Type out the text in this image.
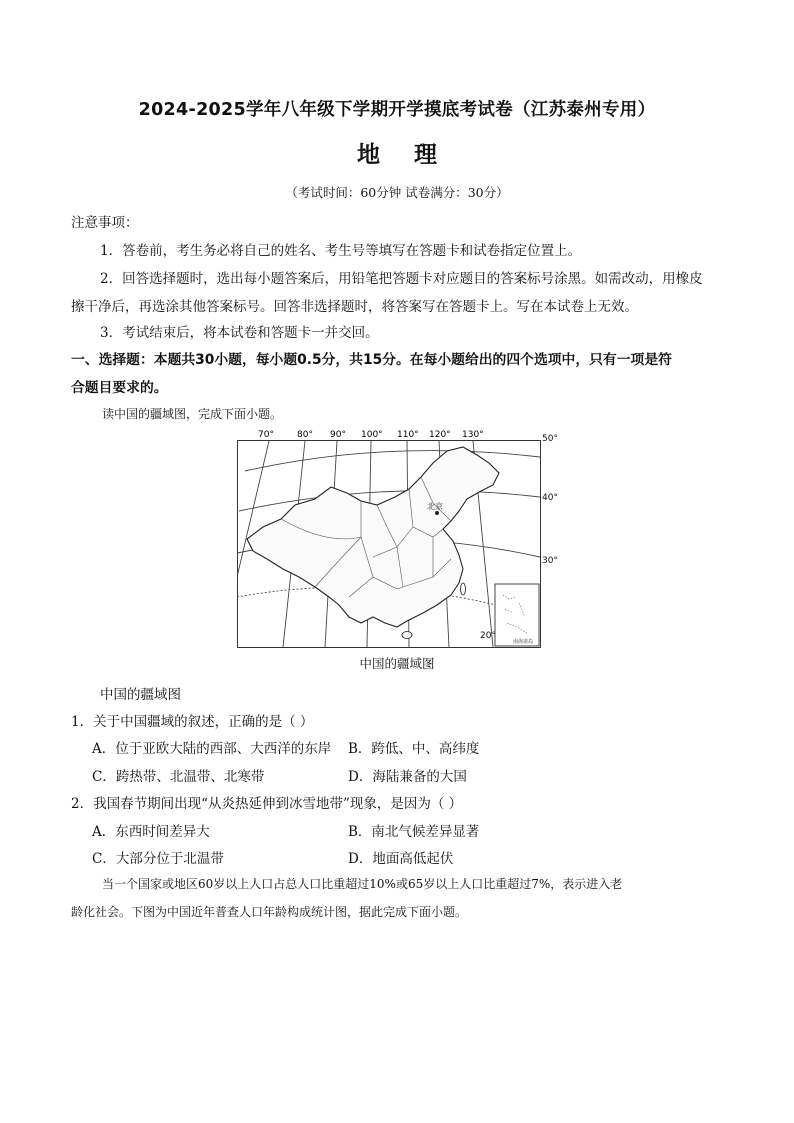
2024-2025学年八年级下学期开学摸底考试卷（江苏泰州专用）
地 理
（考试时间：60分钟 试卷满分：30分）
注意事项：
1．答卷前，考生务必将自己的姓名、考生号等填写在答题卡和试卷指定位置上。
2．回答选择题时，选出每小题答案后，用铅笔把答题卡对应题目的答案标号涂黑。如需改动，用橡皮
擦干净后，再选涂其他答案标号。回答非选择题时，将答案写在答题卡上。写在本试卷上无效。
3．考试结束后，将本试卷和答题卡一并交回。
一、选择题：本题共30小题，每小题0.5分，共15分。在每小题给出的四个选项中，只有一项是符
合题目要求的。
读中国的疆域图，完成下面小题。
北京
南海诸岛
70°	80° 90° 100° 110° 120° 130°	50°
40°
30°
20°
中国的疆域图
中国的疆域图
1．关于中国疆域的叙述，正确的是（ ）
A．位于亚欧大陆的西部、大西洋的东岸 B．跨低、中、高纬度
C．跨热带、北温带、北寒带	D．海陆兼备的大国
2．我国春节期间出现“从炎热延伸到冰雪地带”现象，是因为（ ）
A．东西时间差异大	B．南北气候差异显著
C．大部分位于北温带	D．地面高低起伏
当一个国家或地区60岁以上人口占总人口比重超过10%或65岁以上人口比重超过7%，表示进入老
龄化社会。下图为中国近年普查人口年龄构成统计图，据此完成下面小题。
